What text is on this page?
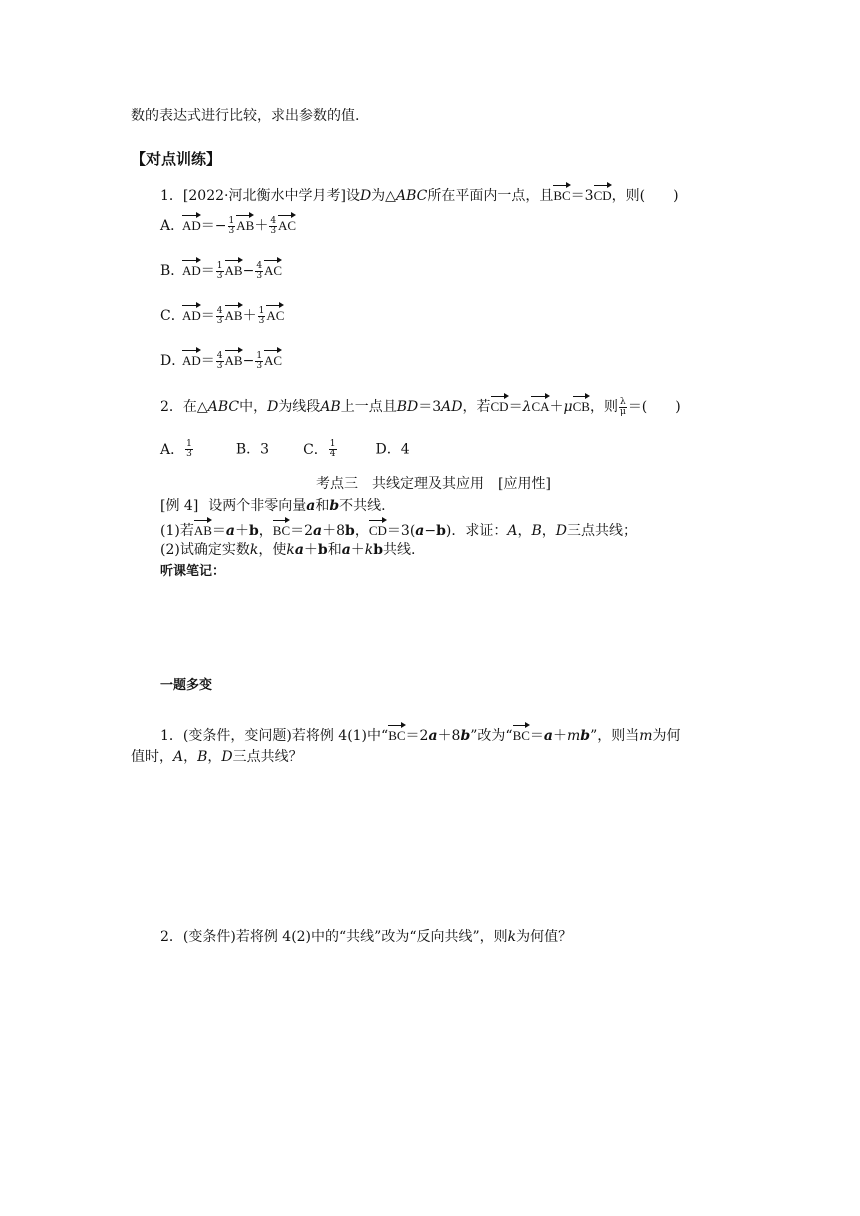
数的表达式进行比较，求出参数的值.
【对点训练】
1．[2022·河北衡水中学月考]设D为△ABC所在平面内一点，且BC＝3CD，则(　　)
A．$AD=- \frac{1}{3} AB+ \frac{4}{3}$ AC
B．$AD= \frac{1}{3} AB- \frac{4}{3}$ AC
C．$AD= \frac{4}{3} AB+ \frac{1}{3}$ AC
D．$AD= \frac{4}{3} AB- \frac{1}{3}$ AC
2．在△ABC中，D为线段AB上一点且BD＝3AD，若CD＝λCA＋μCB，则 $\frac{\lambda}{\mu}$ ＝(　　)
A． $\frac{1}{3}$	B．3 C． $\frac{1}{4}$	D．4
考点三　共线定理及其应用　[应用性]
[例 4] 设两个非零向量a和b不共线.
(1)若AB＝a＋b，BC＝2a＋8b，CD＝3(a−b)．求证：A，B，D三点共线；
(2)试确定实数k，使ka＋b和a＋kb共线.
听课笔记：
一题多变
1．(变条件，变问题)若将例 4(1)中“BC＝2a＋8b”改为“BC＝a＋mb”，则当m为何
值时，A，B，D三点共线？
2．(变条件)若将例 4(2)中的“共线”改为“反向共线”，则k为何值？
